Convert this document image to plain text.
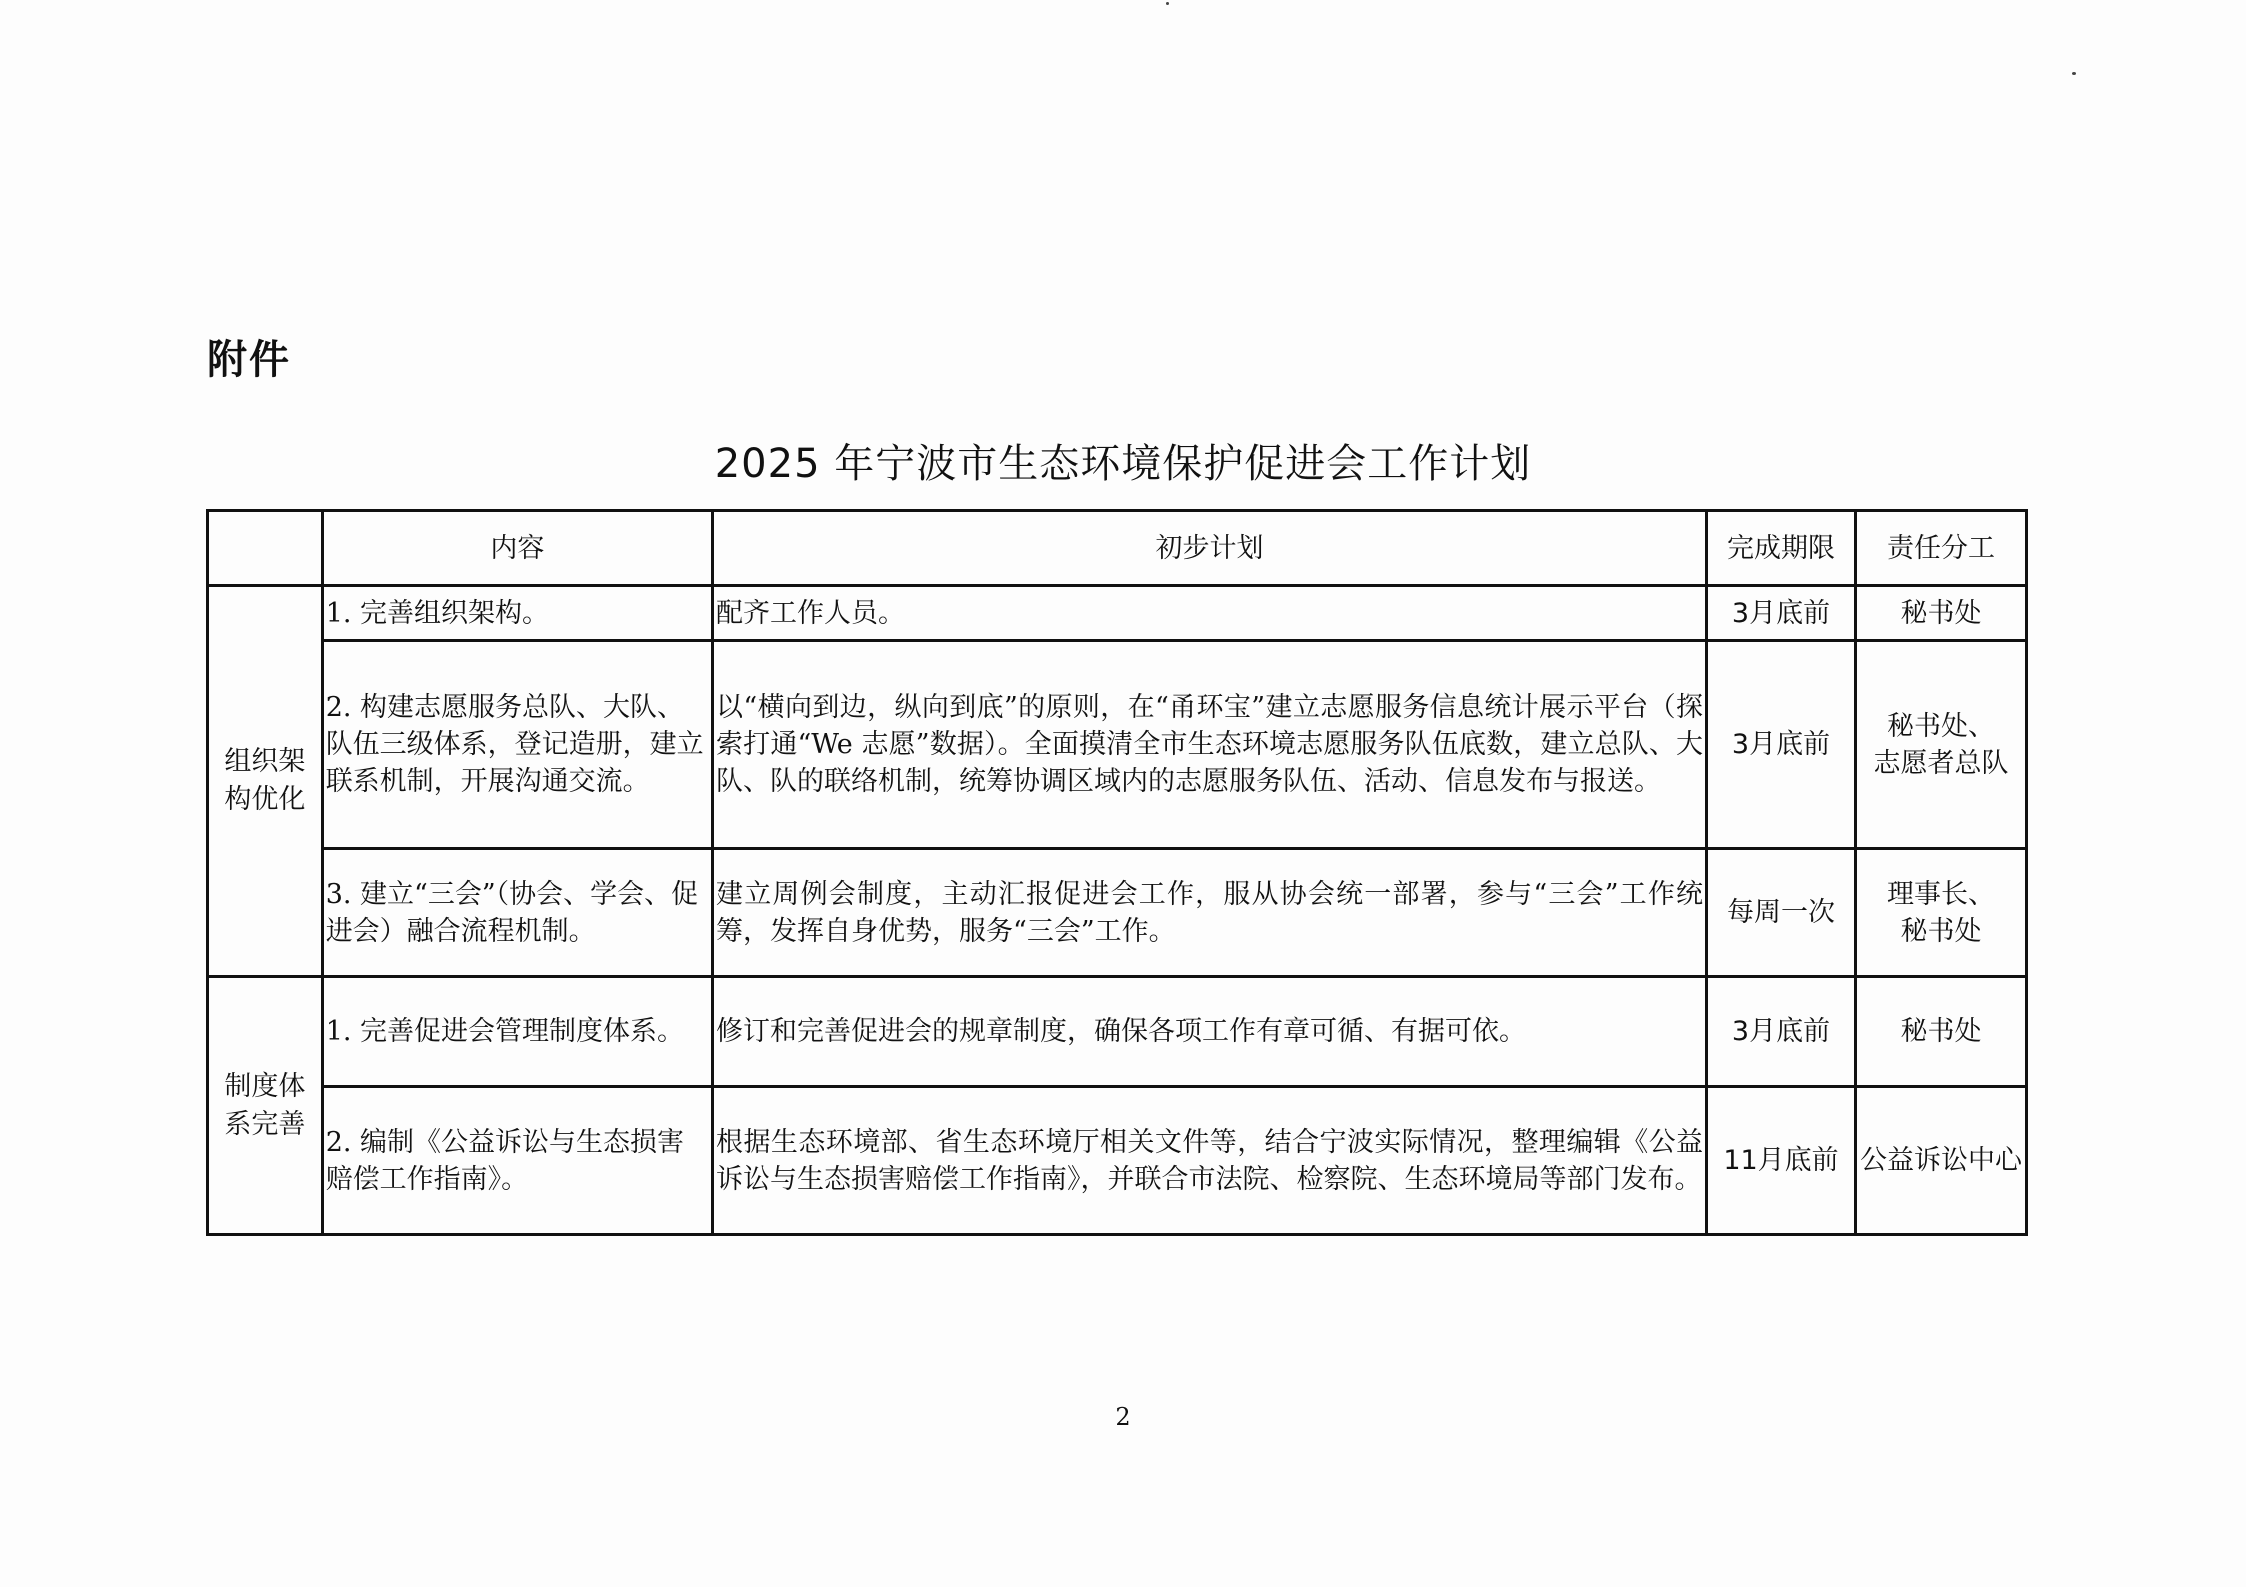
附件
2025 年宁波市生态环境保护促进会工作计划
	内容	初步计划	完成期限	责任分工
组织架构优化	1. 完善组织架构。	配齐工作人员。	3月底前	秘书处
	2. 构建志愿服务总队、大队、队伍三级体系，登记造册，建立联系机制，开展沟通交流。	以“横向到边，纵向到底”的原则，在“甬环宝”建立志愿服务信息统计展示平台（探索打通“We 志愿”数据）。全面摸清全市生态环境志愿服务队伍底数，建立总队、大队、队的联络机制，统筹协调区域内的志愿服务队伍、活动、信息发布与报送。	3月底前	秘书处、
志愿者总队
	3. 建立“三会”（协会、学会、促进会）融合流程机制。	建立周例会制度，主动汇报促进会工作，服从协会统一部署，参与“三会”工作统筹，发挥自身优势，服务“三会”工作。	每周一次	理事长、
秘书处
制度体系完善	1. 完善促进会管理制度体系。	修订和完善促进会的规章制度，确保各项工作有章可循、有据可依。	3月底前	秘书处
	2. 编制《公益诉讼与生态损害赔偿工作指南》。	根据生态环境部、省生态环境厅相关文件等，结合宁波实际情况，整理编辑《公益诉讼与生态损害赔偿工作指南》，并联合市法院、检察院、生态环境局等部门发布。	11月底前	公益诉讼中心
2
